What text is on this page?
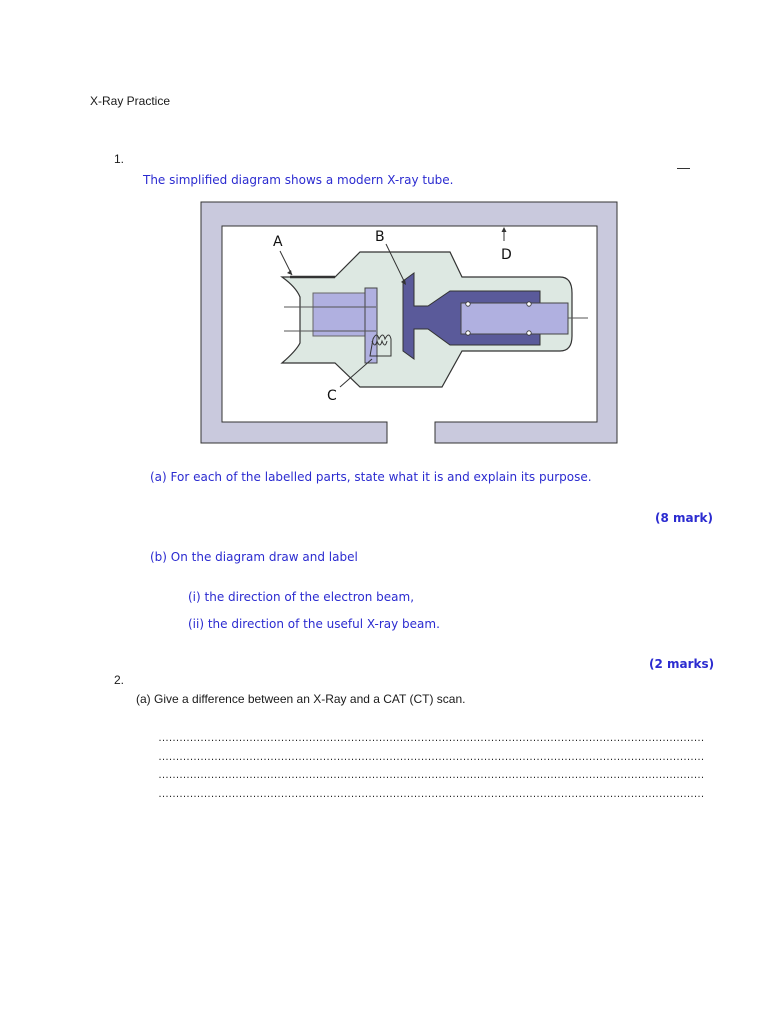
X-Ray Practice
1.
The simplified diagram shows a modern X-ray tube.
A	B
C
D
(a) For each of the labelled parts, state what it is and explain its purpose.
(8 mark)
(b) On the diagram draw and label
(i) the direction of the electron beam,
(ii) the direction of the useful X-ray beam.
(2 marks)
2.
(a) Give a difference between an X-Ray and a CAT (CT) scan.
…………………………………………………………………………………………………………………………………………
…………………………………………………………………………………………………………………………………………
…………………………………………………………………………………………………………………………………………
…………………………………………………………………………………………………………………………………………
